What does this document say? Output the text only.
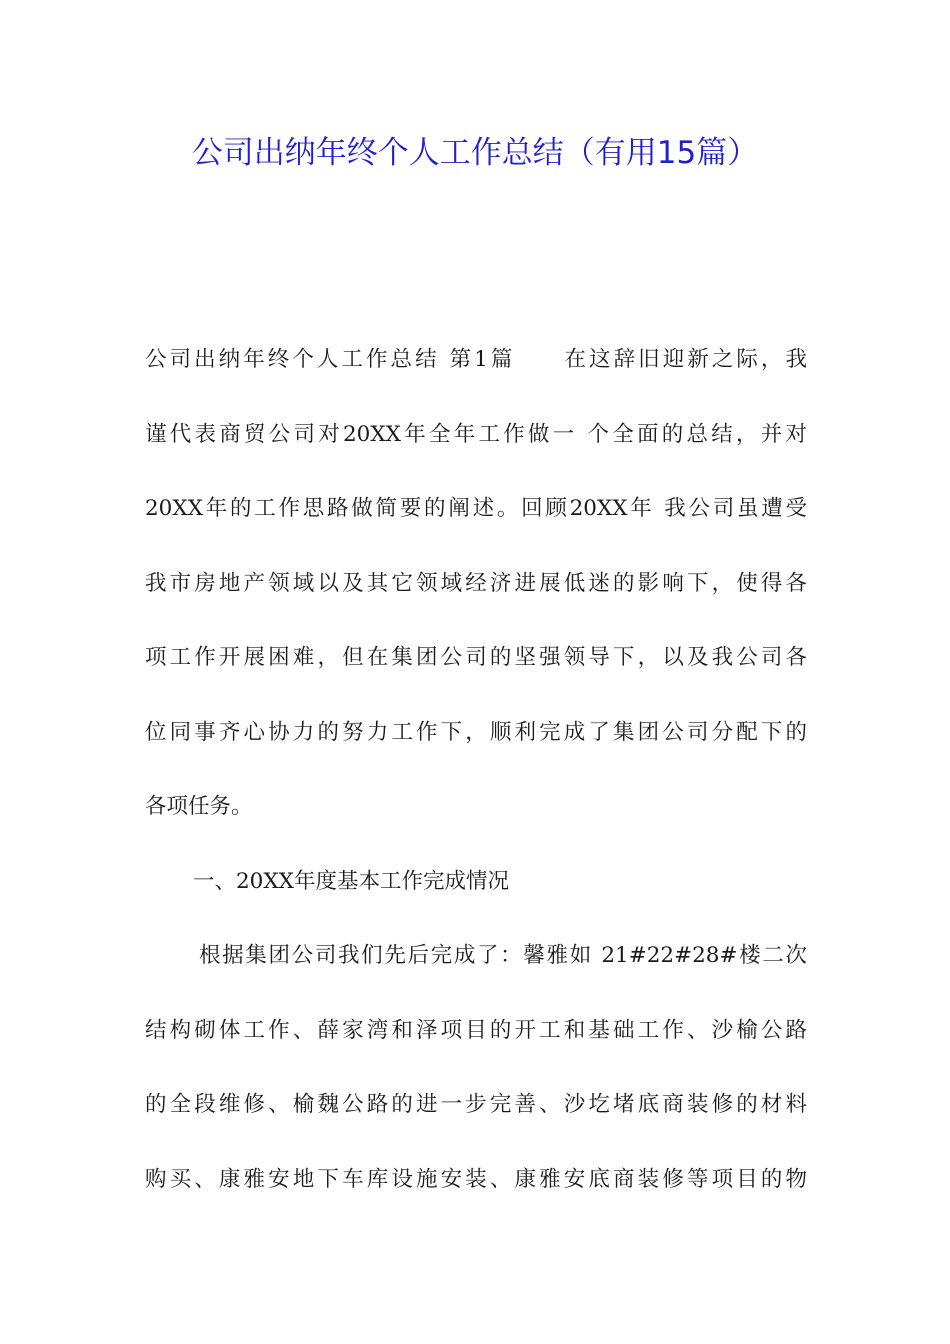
公司出纳年终个人工作总结（有用15篇）
公司出纳年终个人工作总结 第1篇　　在这辞旧迎新之际，我
谨代表商贸公司对20XX年全年工作做一 个全面的总结，并对
20XX年的工作思路做简要的阐述。回顾20XX年 我公司虽遭受
我市房地产领域以及其它领域经济进展低迷的影响下，使得各
项工作开展困难，但在集团公司的坚强领导下，以及我公司各
位同事齐心协力的努力工作下，顺利完成了集团公司分配下的
各项任务。
一、20XX年度基本工作完成情况
根据集团公司我们先后完成了：馨雅如 21#22#28#楼二次
结构砌体工作、薛家湾和泽项目的开工和基础工作、沙榆公路
的全段维修、榆魏公路的进一步完善、沙圪堵底商装修的材料
购买、康雅安地下车库设施安装、康雅安底商装修等项目的物
